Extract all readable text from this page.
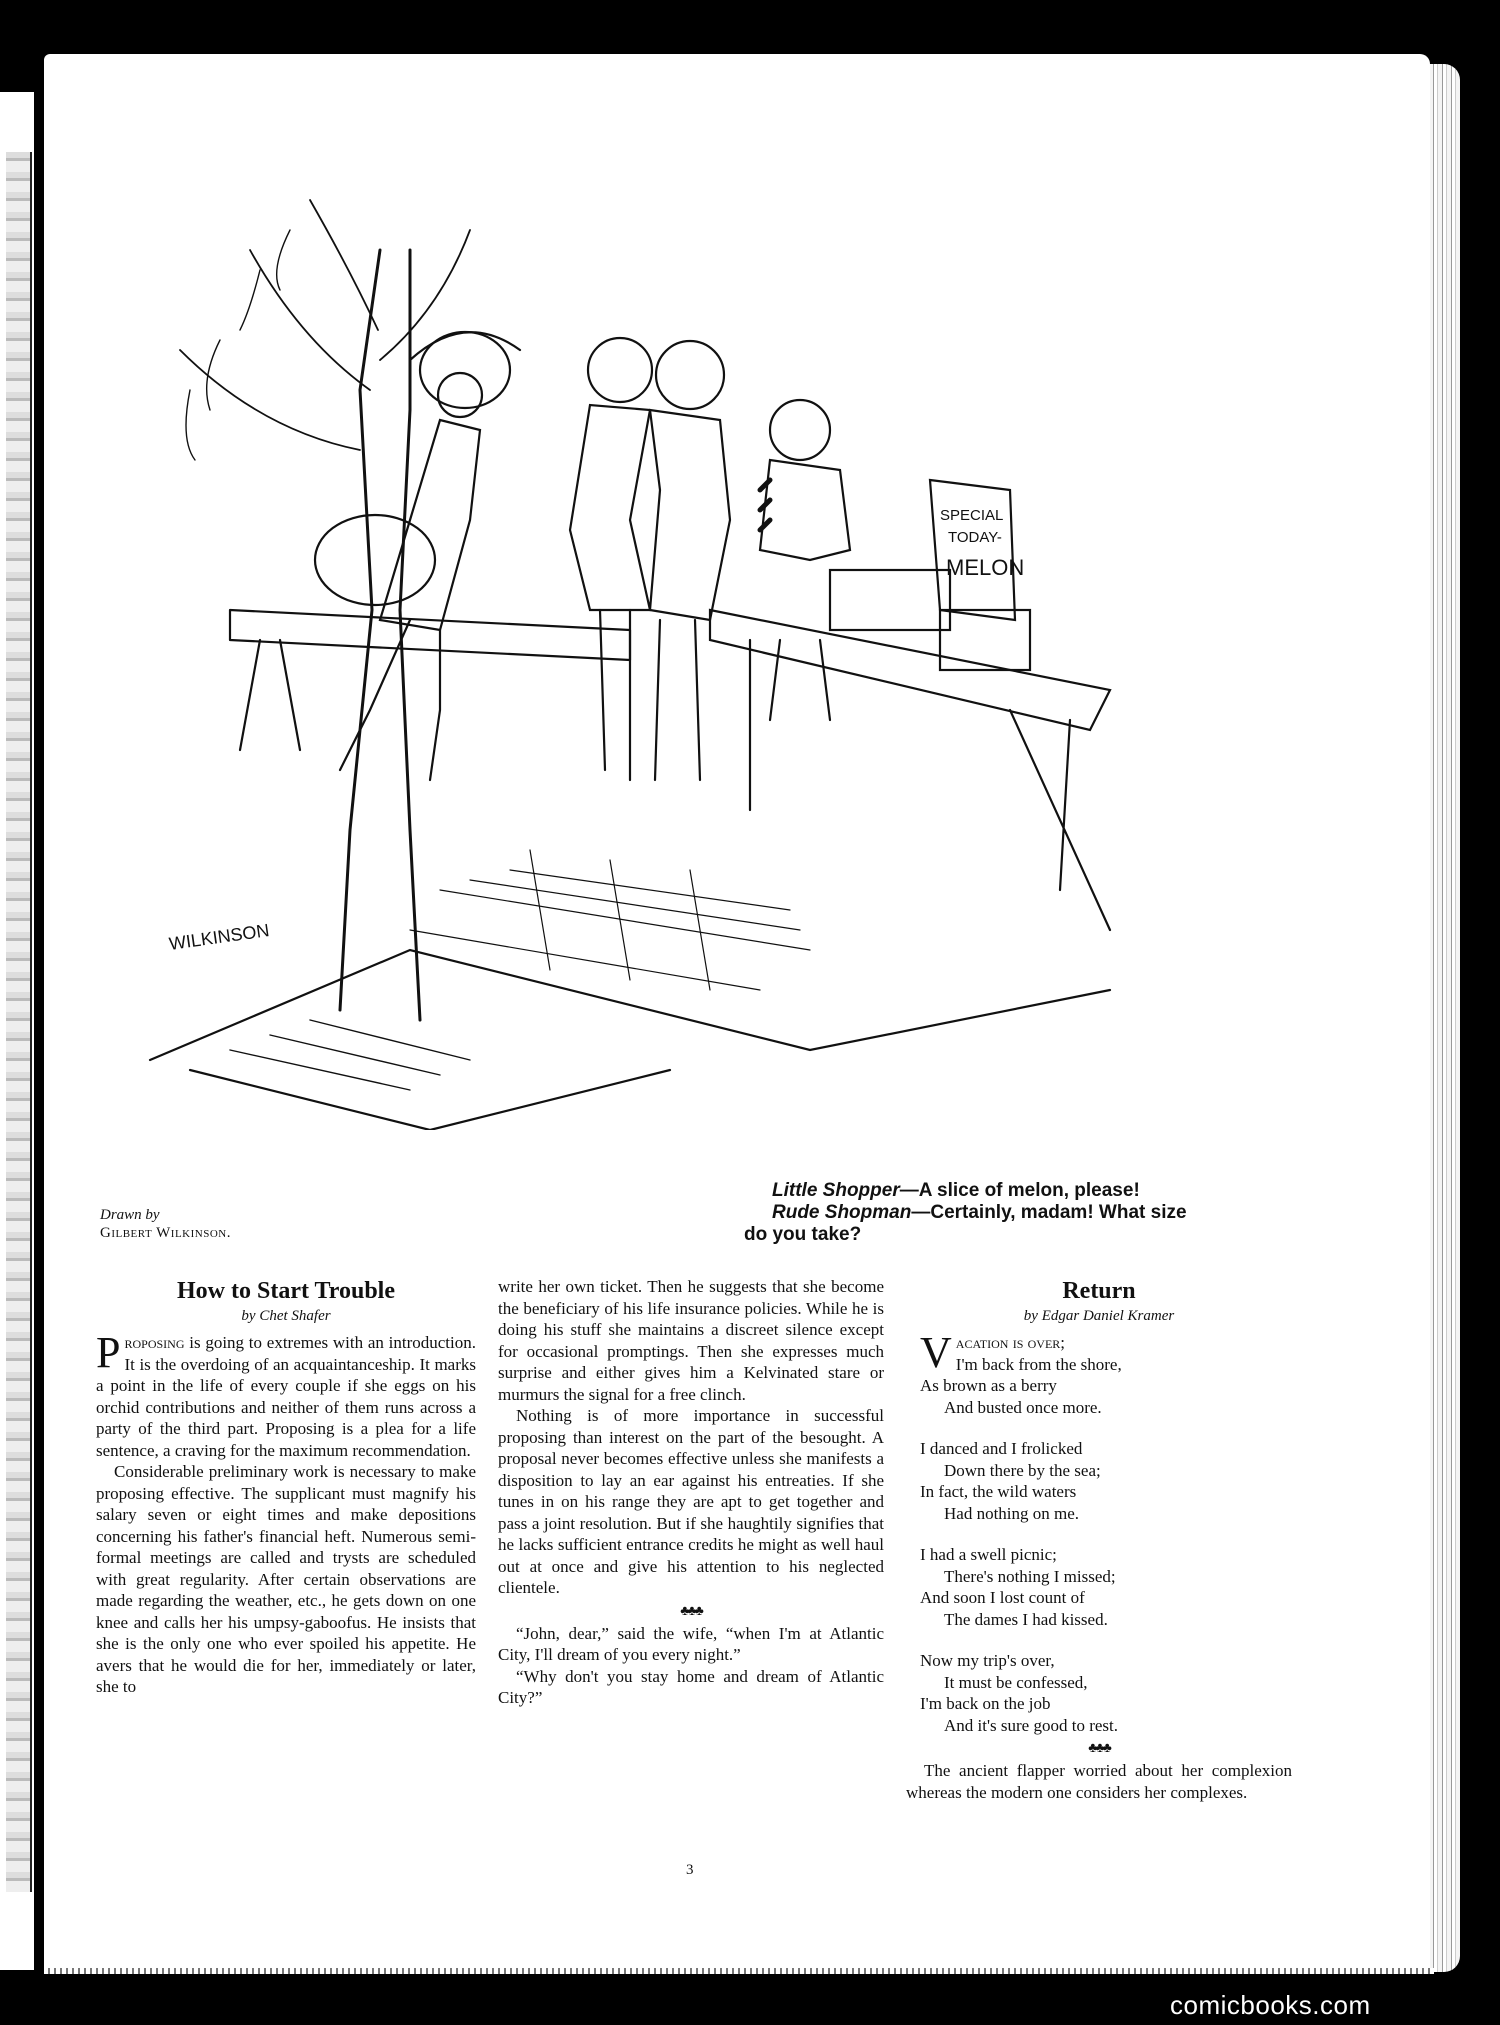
SPECIAL
TODAY-
MELON
WILKINSON
Drawn by
Gilbert Wilkinson.
Little Shopper—A slice of melon, please!
Rude Shopman—Certainly, madam! What size
do you take?
How to Start Trouble
by Chet Shafer

Proposing is going to extremes with an introduction. It is the overdoing of an acquaintanceship. It marks a point in the life of every couple if she eggs on his orchid contributions and neither of them runs across a party of the third part. Proposing is a plea for a life sentence, a craving for the maximum recommendation.

Considerable preliminary work is necessary to make proposing effective. The supplicant must magnify his salary seven or eight times and make depositions concerning his father's financial heft. Numerous semi-formal meetings are called and trysts are scheduled with great regularity. After certain observations are made regarding the weather, etc., he gets down on one knee and calls her his umpsy-gaboofus. He insists that she is the only one who ever spoiled his appetite. He avers that he would die for her, immediately or later, she to

write her own ticket. Then he suggests that she become the beneficiary of his life insurance policies. While he is doing his stuff she maintains a discreet silence except for occasional promptings. Then she expresses much surprise and either gives him a Kelvinated stare or murmurs the signal for a free clinch.

Nothing is of more importance in successful proposing than interest on the part of the besought. A proposal never becomes effective unless she manifests a disposition to lay an ear against his entreaties. If she tunes in on his range they are apt to get together and pass a joint resolution. But if she haughtily signifies that he lacks sufficient entrance credits he might as well haul out at once and give his attention to his neglected clientele.

♣♣♣

“John, dear,” said the wife, “when I'm at Atlantic City, I'll dream of you every night.”

“Why don't you stay home and dream of Atlantic City?”

Return
by Edgar Daniel Kramer
Vacation is over;
I'm back from the shore,
As brown as a berry
And busted once more.
I danced and I frolicked
Down there by the sea;
In fact, the wild waters
Had nothing on me.
I had a swell picnic;
There's nothing I missed;
And soon I lost count of
The dames I had kissed.
Now my trip's over,
It must be confessed,
I'm back on the job
And it's sure good to rest.
♣♣♣

The ancient flapper worried about her complexion whereas the modern one considers her complexes.

3
comicbooks.com
